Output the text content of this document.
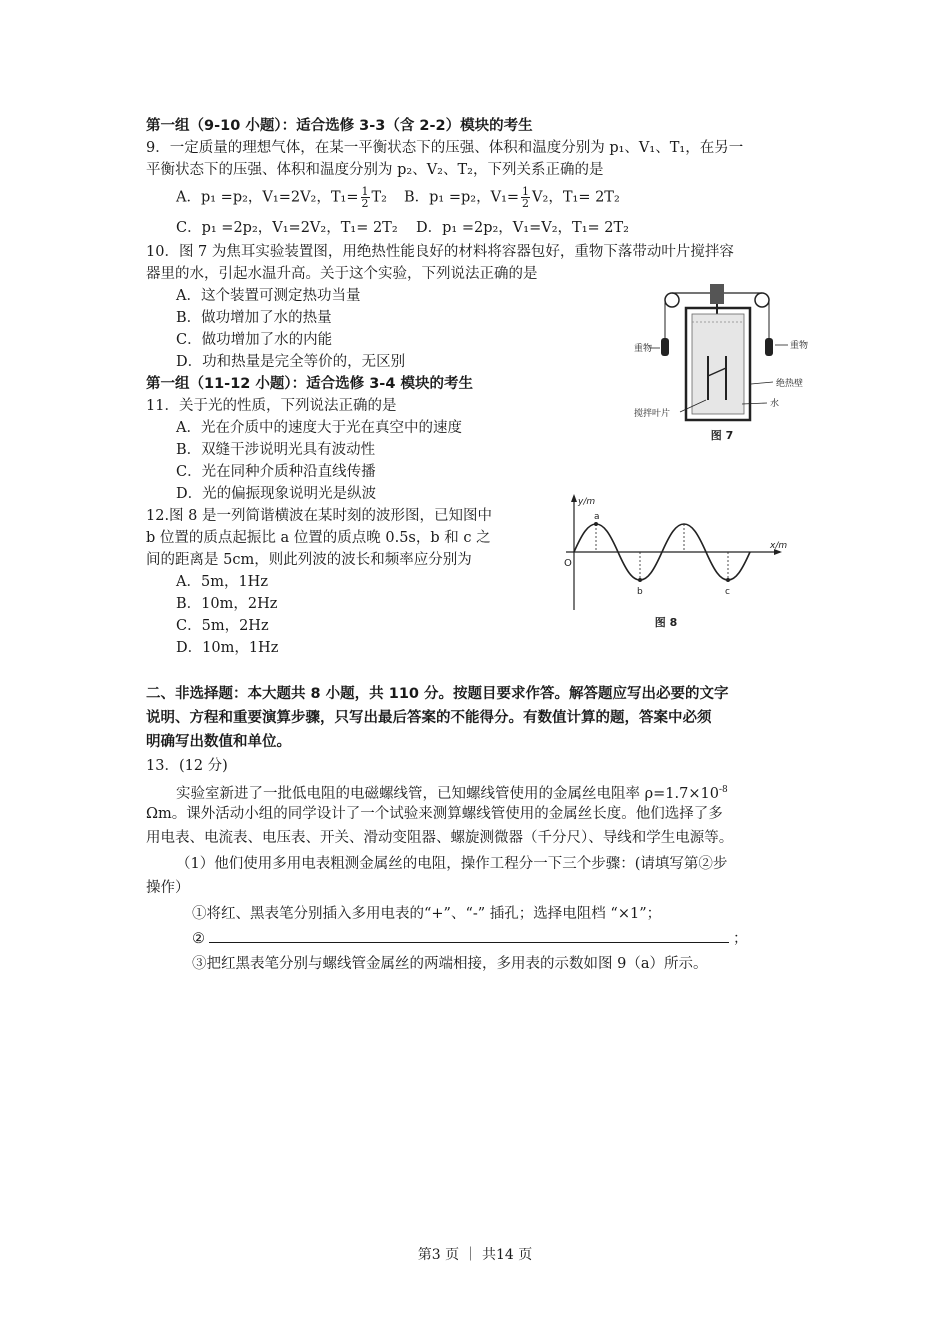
第一组（9-10 小题）：适合选修 3-3（含 2-2）模块的考生
9．一定质量的理想气体，在某一平衡状态下的压强、体积和温度分别为 p₁、V₁、T₁，在另一
平衡状态下的压强、体积和温度分别为 p₂、V₂、T₂，下列关系正确的是
A．p₁ =p₂，V₁=2V₂，$T_1= \frac{1}{2} T_2$ B．p₁ =p₂，$V_1= \frac{1}{2} V_2$，T₁= 2T₂
C．p₁ =2p₂，V₁=2V₂，T₁= 2T₂ D．p₁ =2p₂，V₁=V₂，T₁= 2T₂
10．图 7 为焦耳实验装置图，用绝热性能良好的材料将容器包好，重物下落带动叶片搅拌容
器里的水，引起水温升高。关于这个实验，下列说法正确的是
A．这个装置可测定热功当量
B．做功增加了水的热量
C．做功增加了水的内能
D．功和热量是完全等价的，无区别
第一组（11-12 小题）：适合选修 3-4 模块的考生
11．关于光的性质，下列说法正确的是
A．光在介质中的速度大于光在真空中的速度
B．双缝干涉说明光具有波动性
C．光在同种介质种沿直线传播
D．光的偏振现象说明光是纵波
12.图 8 是一列简谐横波在某时刻的波形图，已知图中
b 位置的质点起振比 a 位置的质点晚 0.5s，b 和 c 之
间的距离是 5cm，则此列波的波长和频率应分别为
A．5m，1Hz
B．10m，2Hz
C．5m，2Hz
D．10m，1Hz
重物	重物
绝热壁
水
搅拌叶片
图 7
y/m
x/m
O
a
b	c
图 8
二、非选择题：本大题共 8 小题，共 110 分。按题目要求作答。解答题应写出必要的文字
说明、方程和重要演算步骤，只写出最后答案的不能得分。有数值计算的题，答案中必须
明确写出数值和单位。
13．(12 分)
实验室新进了一批低电阻的电磁螺线管，已知螺线管使用的金属丝电阻率 $\rho=1.7\times 10^{-8}$
Ωm。课外活动小组的同学设计了一个试验来测算螺线管使用的金属丝长度。他们选择了多
用电表、电流表、电压表、开关、滑动变阻器、螺旋测微器（千分尺）、导线和学生电源等。
（1）他们使用多用电表粗测金属丝的电阻，操作工程分一下三个步骤：(请填写第②步
操作）
①将红、黑表笔分别插入多用电表的“+”、“-” 插孔；选择电阻档 “×1”；
②	；
③把红黑表笔分别与螺线管金属丝的两端相接，多用表的示数如图 9（a）所示。
第3 页 ｜ 共14 页
